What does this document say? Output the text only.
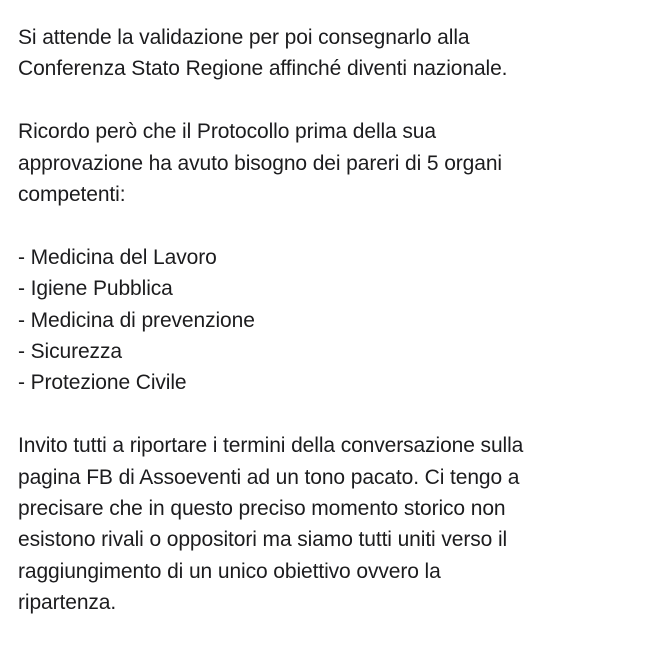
Si attende la validazione per poi consegnarlo alla
Conferenza Stato Regione affinché diventi nazionale.

Ricordo però che il Protocollo prima della sua
approvazione ha avuto bisogno dei pareri di 5 organi
competenti:

- Medicina del Lavoro
- Igiene Pubblica
- Medicina di prevenzione
- Sicurezza
- Protezione Civile

Invito tutti a riportare i termini della conversazione sulla
pagina FB di Assoeventi ad un tono pacato. Ci tengo a
precisare che in questo preciso momento storico non
esistono rivali o oppositori ma siamo tutti uniti verso il
raggiungimento di un unico obiettivo ovvero la
ripartenza.
